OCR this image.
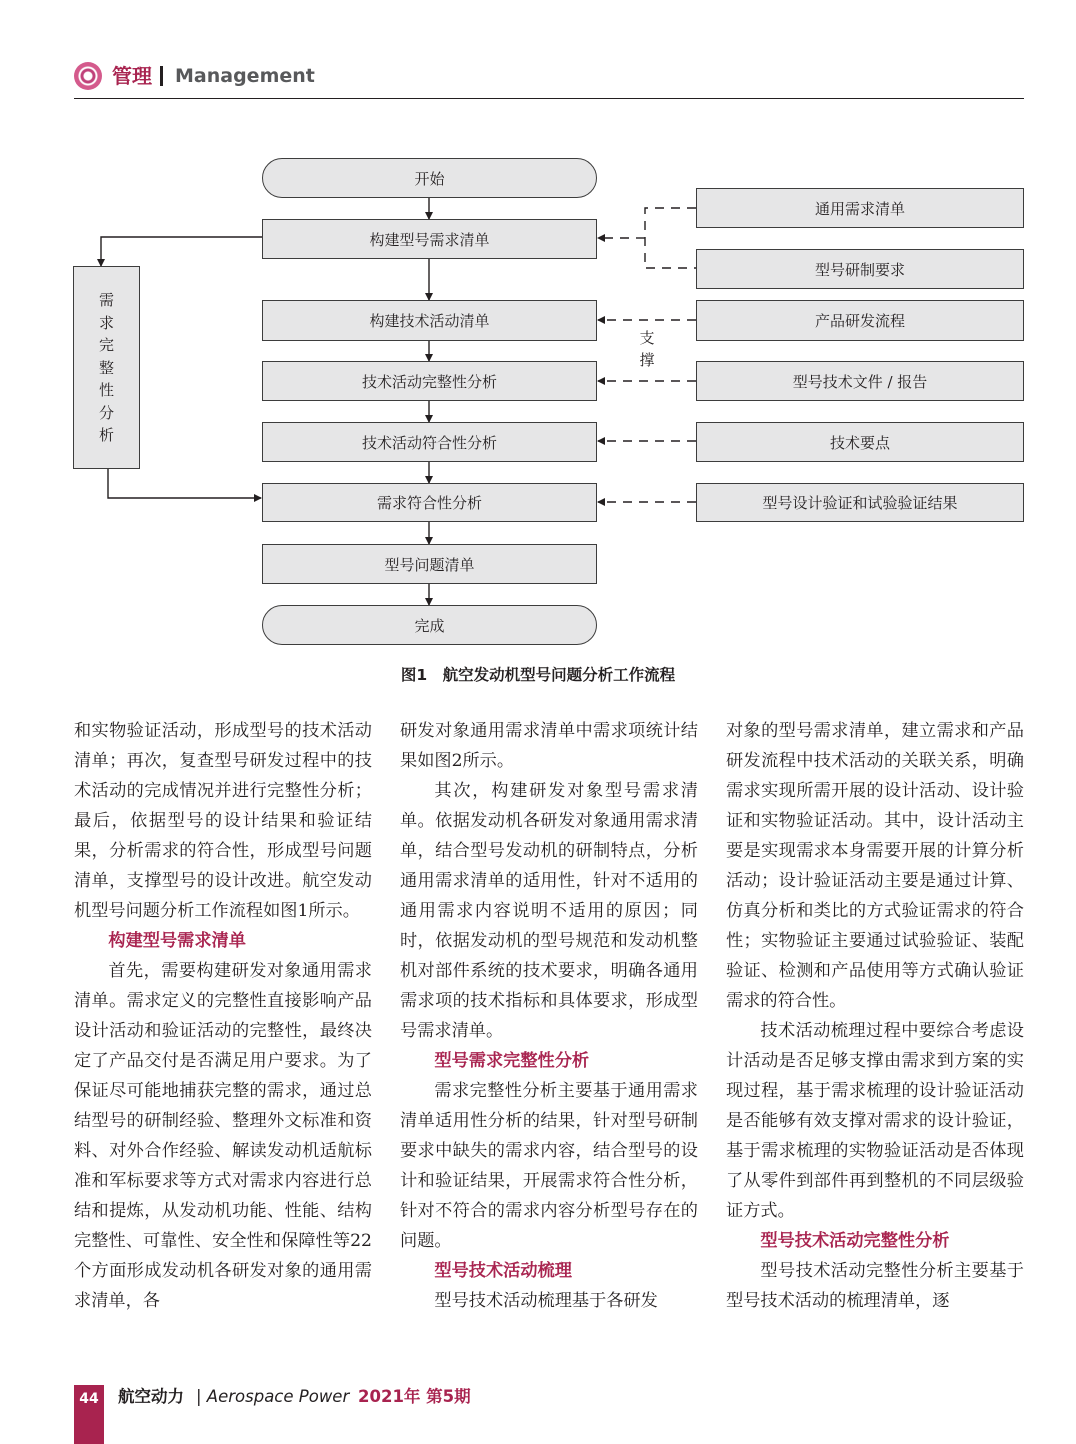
管理 Management
开始
构建型号需求清单
构建技术活动清单
技术活动完整性分析
技术活动符合性分析
需求符合性分析
型号问题清单
完成
需
求
完
整
性
分
析
通用需求清单
型号研制要求
产品研发流程
型号技术文件 / 报告
技术要点
型号设计验证和试验验证结果
支
撑
图1　航空发动机型号问题分析工作流程

和实物验证活动，形成型号的技术活动清单；再次，复查型号研发过程中的技术活动的完成情况并进行完整性分析；最后，依据型号的设计结果和验证结果，分析需求的符合性，形成型号问题清单，支撑型号的设计改进。航空发动机型号问题分析工作流程如图1所示。

构建型号需求清单

首先，需要构建研发对象通用需求清单。需求定义的完整性直接影响产品设计活动和验证活动的完整性，最终决定了产品交付是否满足用户要求。为了保证尽可能地捕获完整的需求，通过总结型号的研制经验、整理外文标准和资料、对外合作经验、解读发动机适航标准和军标要求等方式对需求内容进行总结和提炼，从发动机功能、性能、结构完整性、可靠性、安全性和保障性等22个方面形成发动机各研发对象的通用需求清单，各

研发对象通用需求清单中需求项统计结果如图2所示。

其次，构建研发对象型号需求清单。依据发动机各研发对象通用需求清单，结合型号发动机的研制特点，分析通用需求清单的适用性，针对不适用的通用需求内容说明不适用的原因；同时，依据发动机的型号规范和发动机整机对部件系统的技术要求，明确各通用需求项的技术指标和具体要求，形成型号需求清单。

型号需求完整性分析

需求完整性分析主要基于通用需求清单适用性分析的结果，针对型号研制要求中缺失的需求内容，结合型号的设计和验证结果，开展需求符合性分析，针对不符合的需求内容分析型号存在的问题。

型号技术活动梳理

型号技术活动梳理基于各研发

对象的型号需求清单，建立需求和产品研发流程中技术活动的关联关系，明确需求实现所需开展的设计活动、设计验证和实物验证活动。其中，设计活动主要是实现需求本身需要开展的计算分析活动；设计验证活动主要是通过计算、仿真分析和类比的方式验证需求的符合性；实物验证主要通过试验验证、装配验证、检测和产品使用等方式确认验证需求的符合性。

技术活动梳理过程中要综合考虑设计活动是否足够支撑由需求到方案的实现过程，基于需求梳理的设计验证活动是否能够有效支撑对需求的设计验证，基于需求梳理的实物验证活动是否体现了从零件到部件再到整机的不同层级验证方式。

型号技术活动完整性分析

型号技术活动完整性分析主要基于型号技术活动的梳理清单，逐

44	航空动力 | Aerospace Power 2021年 第5期
